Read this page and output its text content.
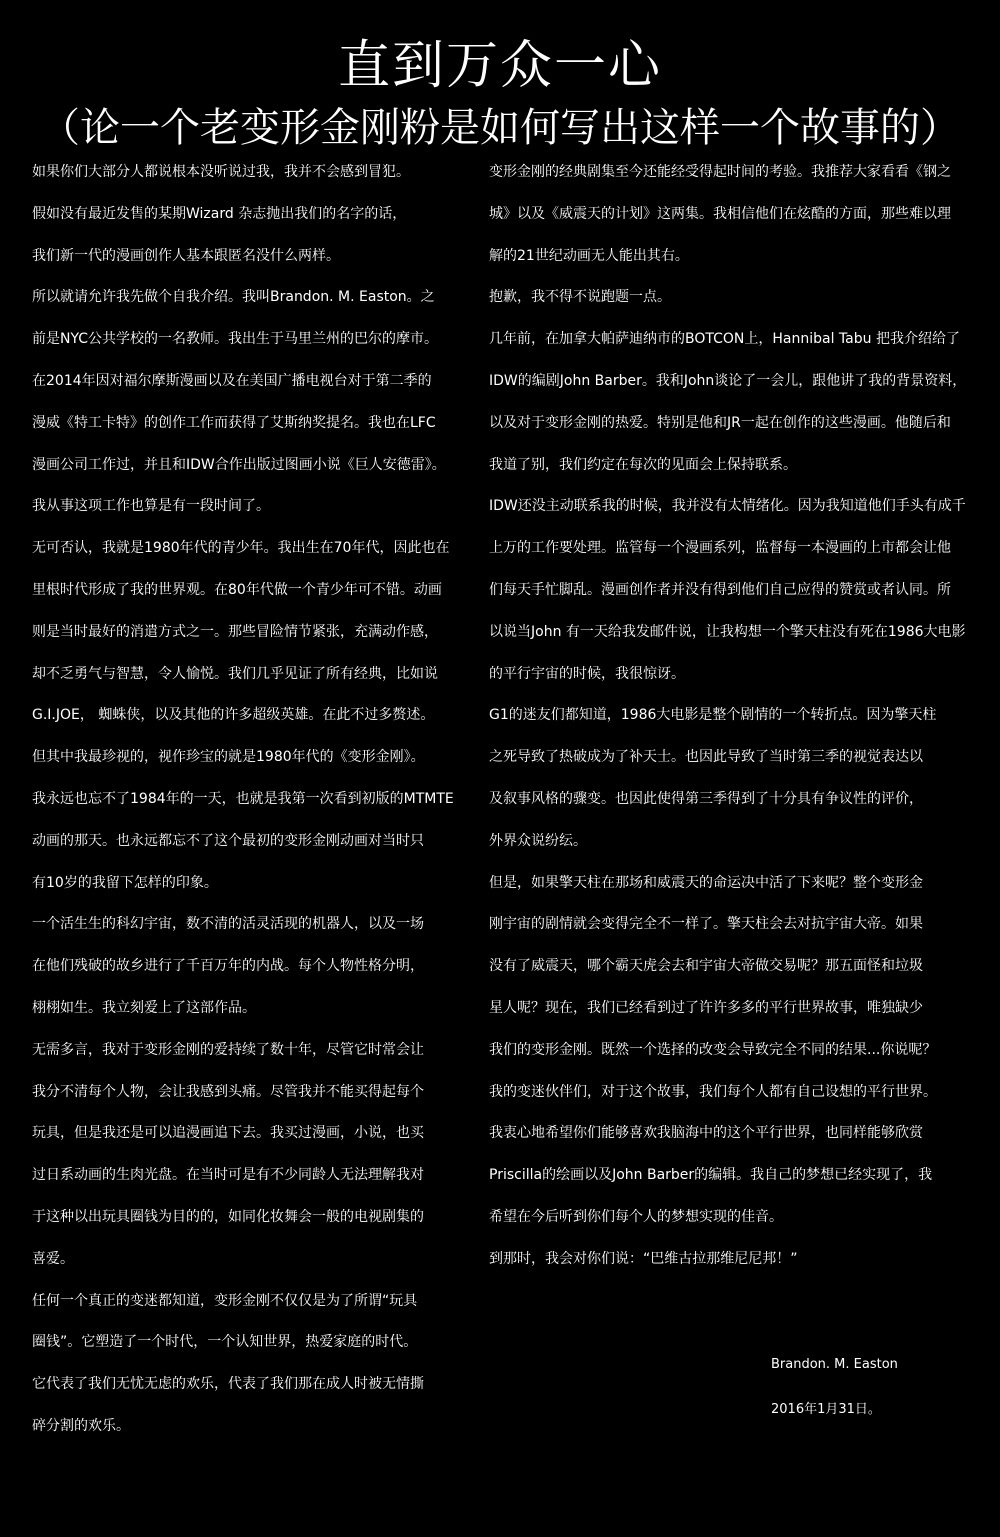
直到万众一心
（论一个老变形金刚粉是如何写出这样一个故事的）
如果你们大部分人都说根本没听说过我，我并不会感到冒犯。
假如没有最近发售的某期Wizard 杂志抛出我们的名字的话，
我们新一代的漫画创作人基本跟匿名没什么两样。
所以就请允许我先做个自我介绍。我叫Brandon. M. Easton。之
前是NYC公共学校的一名教师。我出生于马里兰州的巴尔的摩市。
在2014年因对福尔摩斯漫画以及在美国广播电视台对于第二季的
漫威《特工卡特》的创作工作而获得了艾斯纳奖提名。我也在LFC
漫画公司工作过，并且和IDW合作出版过图画小说《巨人安德雷》。
我从事这项工作也算是有一段时间了。
无可否认，我就是1980年代的青少年。我出生在70年代，因此也在
里根时代形成了我的世界观。在80年代做一个青少年可不错。动画
则是当时最好的消遣方式之一。那些冒险情节紧张，充满动作感，
却不乏勇气与智慧，令人愉悦。我们几乎见证了所有经典，比如说
G.I.JOE， 蜘蛛侠，以及其他的许多超级英雄。在此不过多赘述。
但其中我最珍视的，视作珍宝的就是1980年代的《变形金刚》。
我永远也忘不了1984年的一天，也就是我第一次看到初版的MTMTE
动画的那天。也永远都忘不了这个最初的变形金刚动画对当时只
有10岁的我留下怎样的印象。
一个活生生的科幻宇宙，数不清的活灵活现的机器人，以及一场
在他们残破的故乡进行了千百万年的内战。每个人物性格分明，
栩栩如生。我立刻爱上了这部作品。
无需多言，我对于变形金刚的爱持续了数十年，尽管它时常会让
我分不清每个人物，会让我感到头痛。尽管我并不能买得起每个
玩具，但是我还是可以追漫画追下去。我买过漫画，小说，也买
过日系动画的生肉光盘。在当时可是有不少同龄人无法理解我对
于这种以出玩具圈钱为目的的，如同化妆舞会一般的电视剧集的
喜爱。
任何一个真正的变迷都知道，变形金刚不仅仅是为了所谓“玩具
圈钱”。它塑造了一个时代，一个认知世界，热爱家庭的时代。
它代表了我们无忧无虑的欢乐，代表了我们那在成人时被无情撕
碎分割的欢乐。
变形金刚的经典剧集至今还能经受得起时间的考验。我推荐大家看看《钢之
城》以及《威震天的计划》这两集。我相信他们在炫酷的方面，那些难以理
解的21世纪动画无人能出其右。
抱歉，我不得不说跑题一点。
几年前，在加拿大帕萨迪纳市的BOTCON上，Hannibal Tabu 把我介绍给了
IDW的编剧John Barber。我和John谈论了一会儿，跟他讲了我的背景资料，
以及对于变形金刚的热爱。特别是他和JR一起在创作的这些漫画。他随后和
我道了别，我们约定在每次的见面会上保持联系。
IDW还没主动联系我的时候，我并没有太情绪化。因为我知道他们手头有成千
上万的工作要处理。监管每一个漫画系列，监督每一本漫画的上市都会让他
们每天手忙脚乱。漫画创作者并没有得到他们自己应得的赞赏或者认同。所
以说当John 有一天给我发邮件说，让我构想一个擎天柱没有死在1986大电影
的平行宇宙的时候，我很惊讶。
G1的迷友们都知道，1986大电影是整个剧情的一个转折点。因为擎天柱
之死导致了热破成为了补天士。也因此导致了当时第三季的视觉表达以
及叙事风格的骤变。也因此使得第三季得到了十分具有争议性的评价，
外界众说纷纭。
但是，如果擎天柱在那场和威震天的命运决中活了下来呢？整个变形金
刚宇宙的剧情就会变得完全不一样了。擎天柱会去对抗宇宙大帝。如果
没有了威震天，哪个霸天虎会去和宇宙大帝做交易呢？那五面怪和垃圾
星人呢？现在，我们已经看到过了许许多多的平行世界故事，唯独缺少
我们的变形金刚。既然一个选择的改变会导致完全不同的结果...你说呢？
我的变迷伙伴们，对于这个故事，我们每个人都有自己设想的平行世界。
我衷心地希望你们能够喜欢我脑海中的这个平行世界，也同样能够欣赏
Priscilla的绘画以及John Barber的编辑。我自己的梦想已经实现了，我
希望在今后听到你们每个人的梦想实现的佳音。
到那时，我会对你们说：“巴维古拉那维尼尼邦！”
Brandon. M. Easton
2016年1月31日。
